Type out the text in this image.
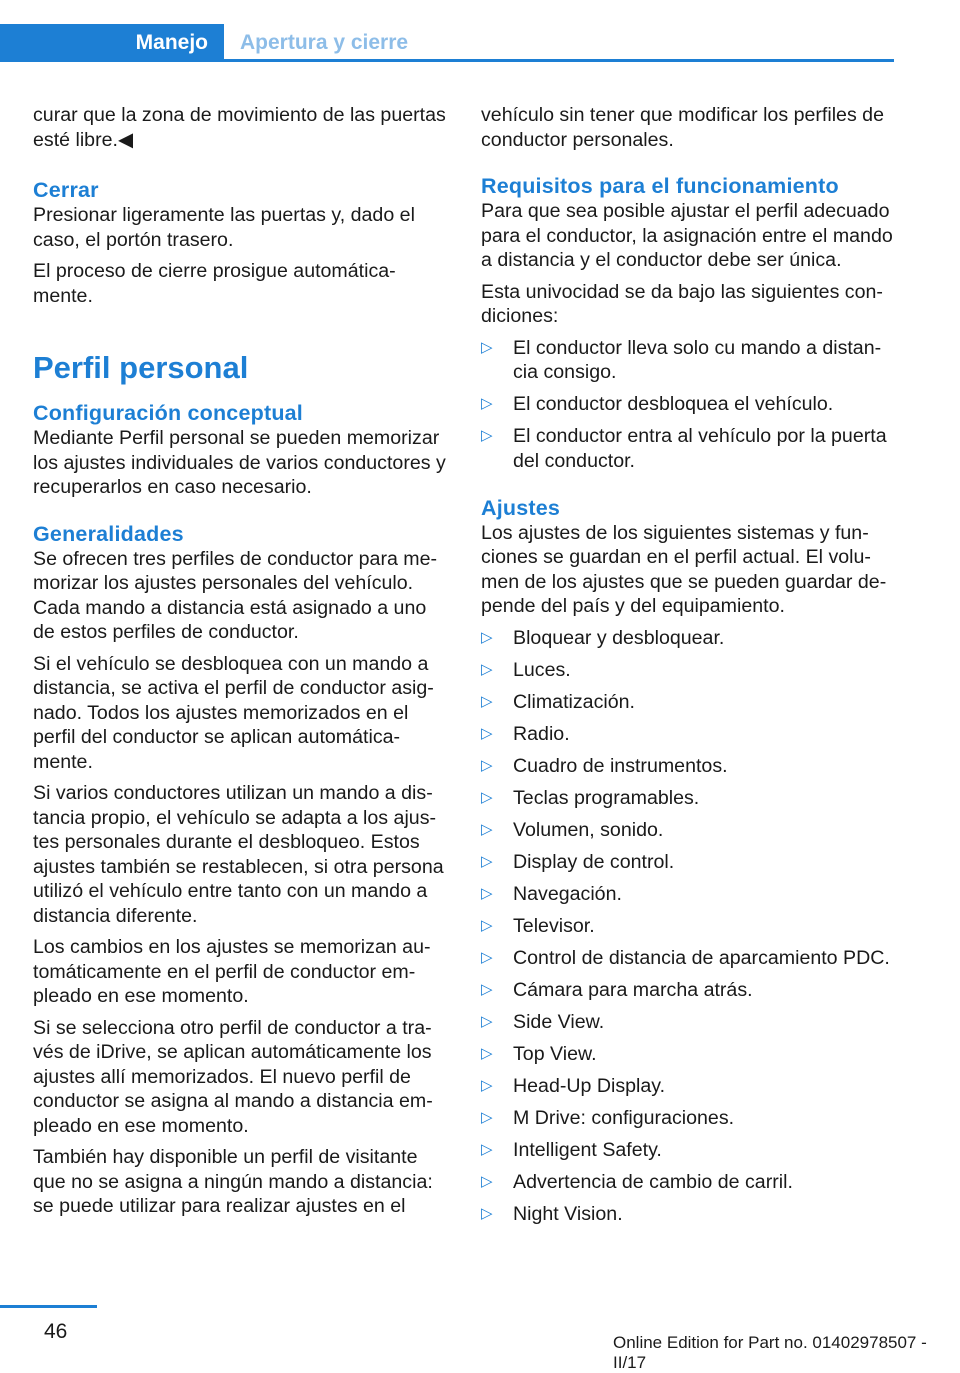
Manejo Apertura y cierre

curar que la zona de movimiento de las puertas esté libre.◀

Cerrar

Presionar ligeramente las puertas y, dado el caso, el portón trasero.

El proceso de cierre prosigue automáticamente.

Perfil personal
Configuración conceptual

Mediante Perfil personal se pueden memorizar los ajustes individuales de varios conductores y recuperarlos en caso necesario.

Generalidades

Se ofrecen tres perfiles de conductor para memorizar los ajustes personales del vehículo. Cada mando a distancia está asignado a uno de estos perfiles de conductor.

Si el vehículo se desbloquea con un mando a distancia, se activa el perfil de conductor asignado. Todos los ajustes memorizados en el perfil del conductor se aplican automáticamente.

Si varios conductores utilizan un mando a distancia propio, el vehículo se adapta a los ajustes personales durante el desbloqueo. Estos ajustes también se restablecen, si otra persona utilizó el vehículo entre tanto con un mando a distancia diferente.

Los cambios en los ajustes se memorizan automáticamente en el perfil de conductor empleado en ese momento.

Si se selecciona otro perfil de conductor a través de iDrive, se aplican automáticamente los ajustes allí memorizados. El nuevo perfil de conductor se asigna al mando a distancia empleado en ese momento.

También hay disponible un perfil de visitante que no se asigna a ningún mando a distancia: se puede utilizar para realizar ajustes en el

vehículo sin tener que modificar los perfiles de conductor personales.

Requisitos para el funcionamiento

Para que sea posible ajustar el perfil adecuado para el conductor, la asignación entre el mando a distancia y el conductor debe ser única.

Esta univocidad se da bajo las siguientes condiciones:

▷ El conductor lleva solo cu mando a distancia consigo.
▷ El conductor desbloquea el vehículo.
▷ El conductor entra al vehículo por la puerta del conductor.
Ajustes

Los ajustes de los siguientes sistemas y funciones se guardan en el perfil actual. El volumen de los ajustes que se pueden guardar depende del país y del equipamiento.

▷ Bloquear y desbloquear.
▷ Luces.
▷ Climatización.
▷ Radio.
▷ Cuadro de instrumentos.
▷ Teclas programables.
▷ Volumen, sonido.
▷ Display de control.
▷ Navegación.
▷ Televisor.
▷ Control de distancia de aparcamiento PDC.
▷ Cámara para marcha atrás.
▷ Side View.
▷ Top View.
▷ Head-Up Display.
▷ M Drive: configuraciones.
▷ Intelligent Safety.
▷ Advertencia de cambio de carril.
▷ Night Vision.
46	Online Edition for Part no. 01402978507 - II/17
